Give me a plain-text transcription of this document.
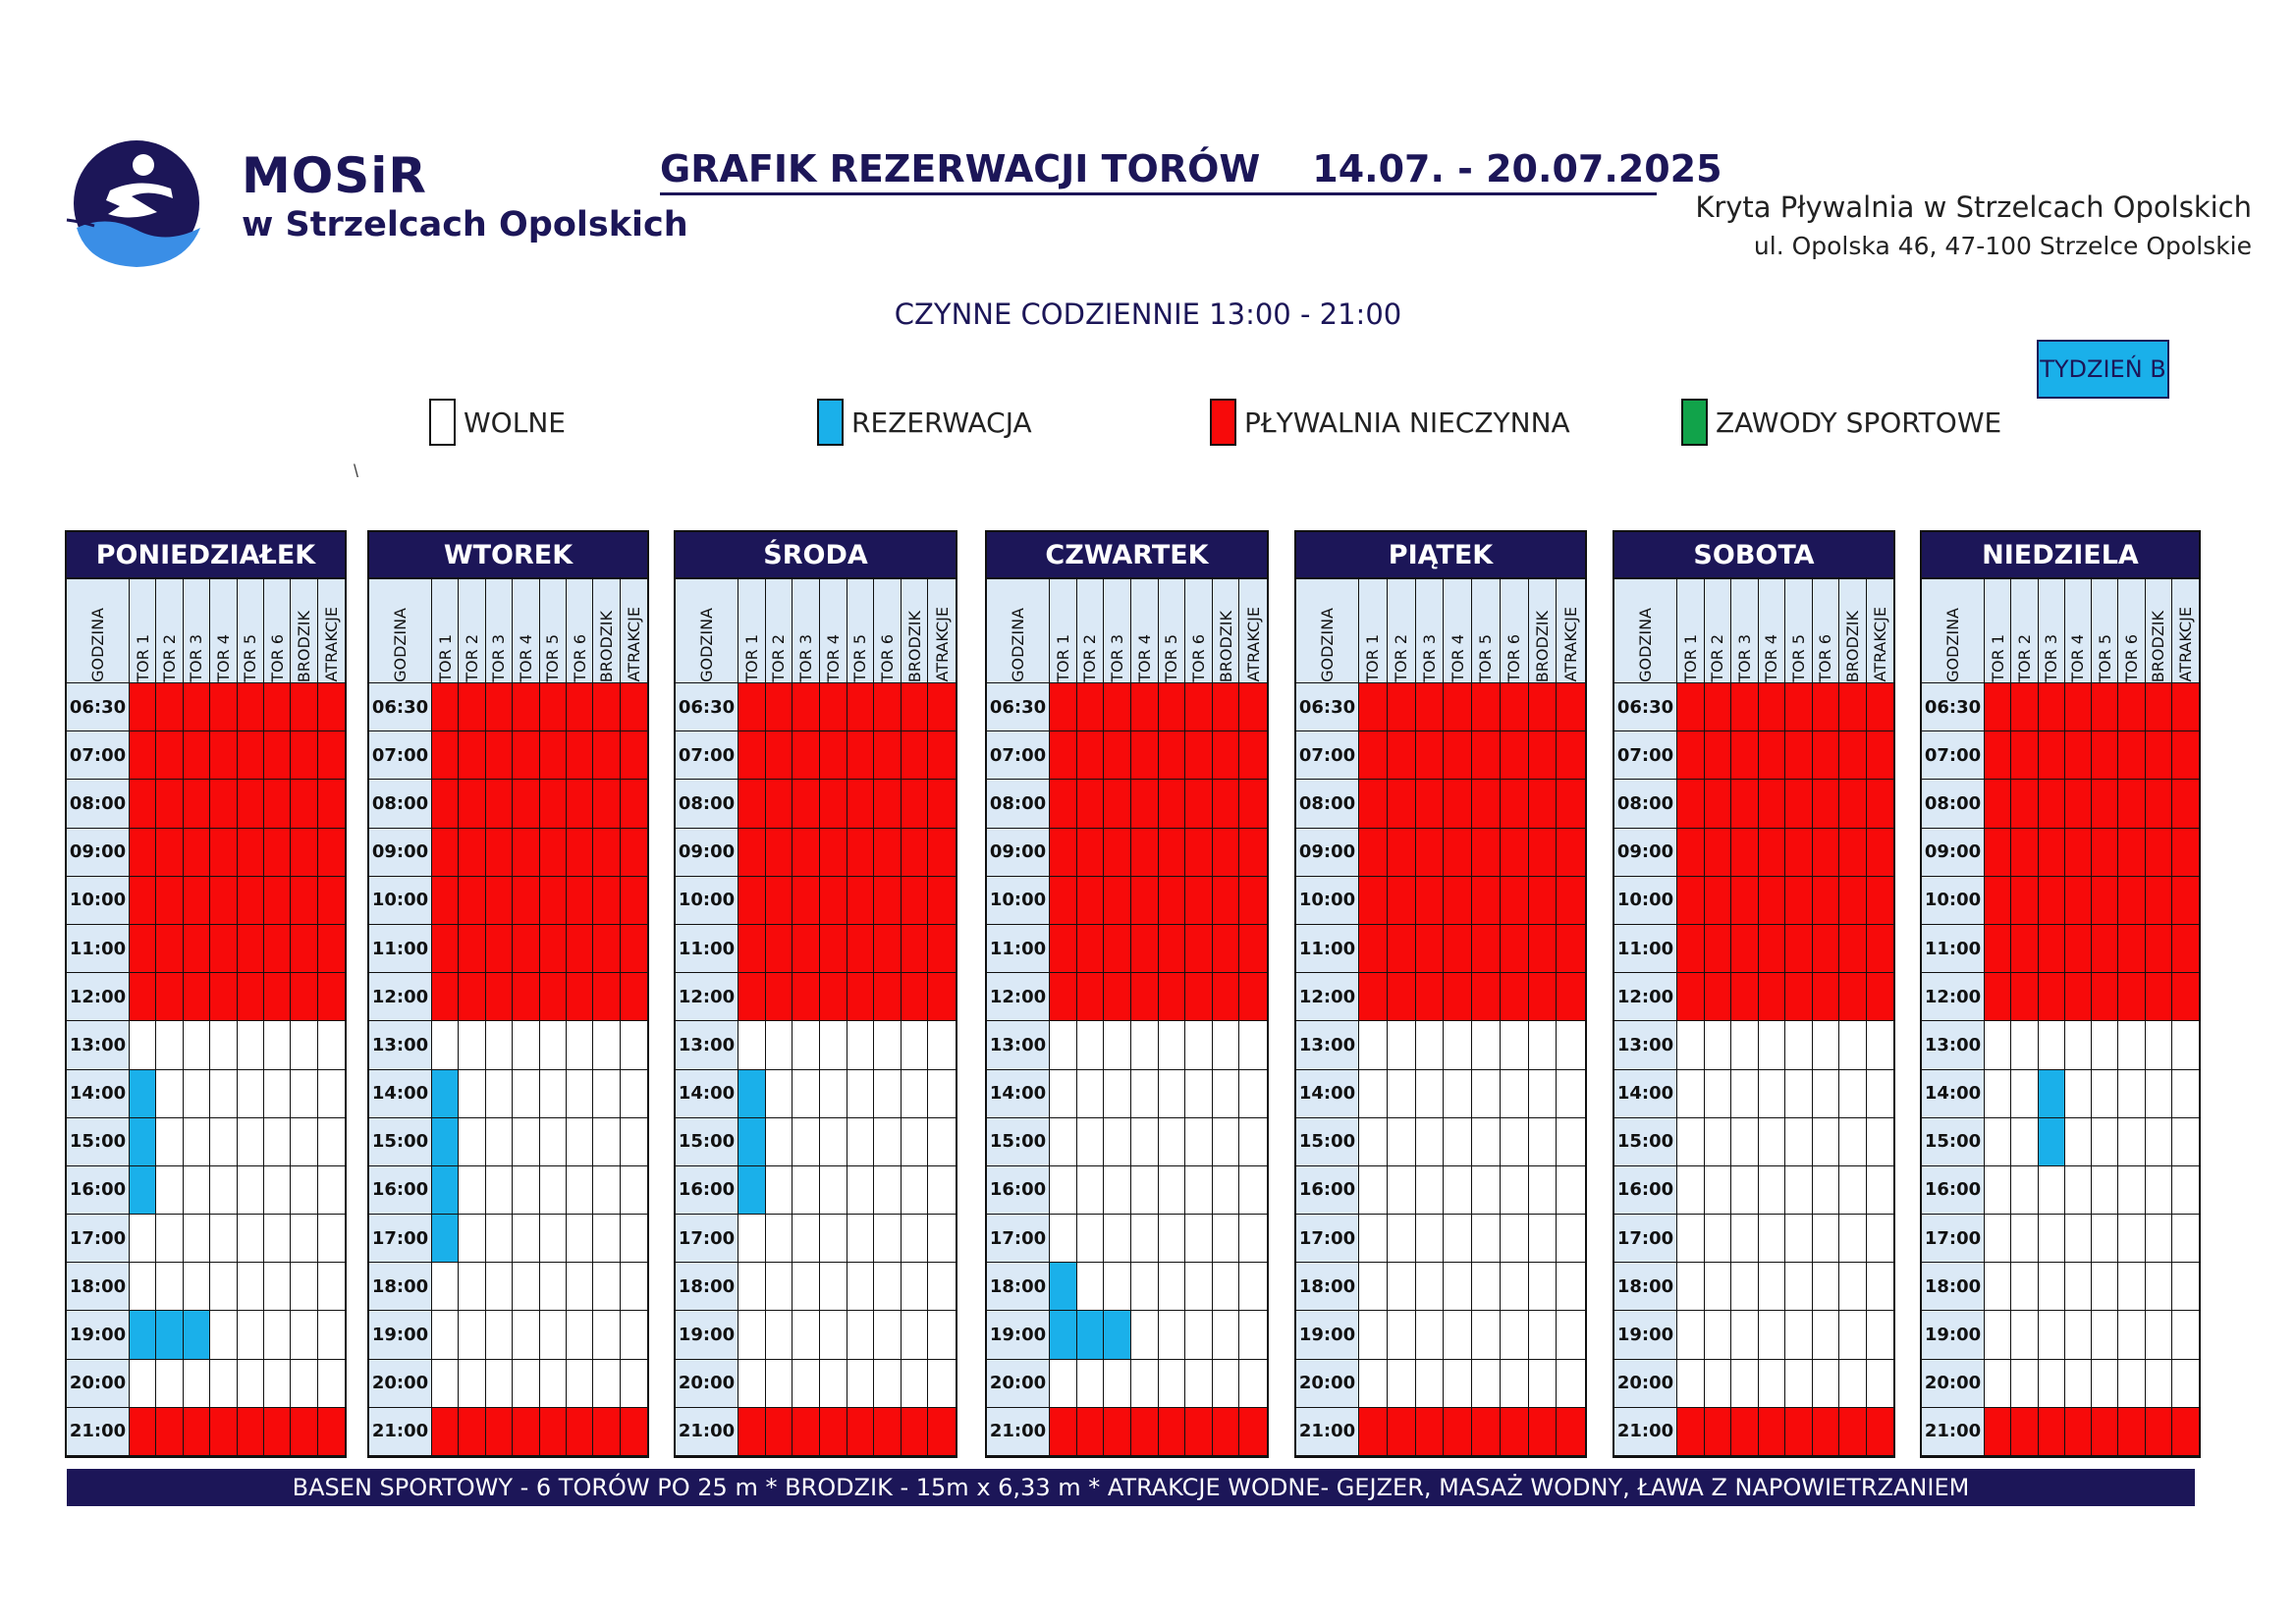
MOSiR
w Strzelcach Opolskich
GRAFIK REZERWACJI TORÓW    14.07. - 20.07.2025
Kryta Pływalnia w Strzelcach Opolskich
ul. Opolska 46, 47-100 Strzelce Opolskie
CZYNNE CODZIENNIE 13:00 - 21:00
TYDZIEŃ B
WOLNE	REZERWACJA	PŁYWALNIA NIECZYNNA	ZAWODY SPORTOWE
\
PONIEDZIAŁEK
GODZINA TOR 1 TOR 2 TOR 3 TOR 4 TOR 5 TOR 6 BRODZIK ATRAKCJE
06:30
07:00
08:00
09:00
10:00
11:00
12:00
13:00
14:00
15:00
16:00
17:00
18:00
19:00
20:00
21:00
WTOREK
GODZINA TOR 1 TOR 2 TOR 3 TOR 4 TOR 5 TOR 6 BRODZIK ATRAKCJE
06:30
07:00
08:00
09:00
10:00
11:00
12:00
13:00
14:00
15:00
16:00
17:00
18:00
19:00
20:00
21:00
ŚRODA
GODZINA TOR 1 TOR 2 TOR 3 TOR 4 TOR 5 TOR 6 BRODZIK ATRAKCJE
06:30
07:00
08:00
09:00
10:00
11:00
12:00
13:00
14:00
15:00
16:00
17:00
18:00
19:00
20:00
21:00
CZWARTEK
GODZINA TOR 1 TOR 2 TOR 3 TOR 4 TOR 5 TOR 6 BRODZIK ATRAKCJE
06:30
07:00
08:00
09:00
10:00
11:00
12:00
13:00
14:00
15:00
16:00
17:00
18:00
19:00
20:00
21:00
PIĄTEK
GODZINA TOR 1 TOR 2 TOR 3 TOR 4 TOR 5 TOR 6 BRODZIK ATRAKCJE
06:30
07:00
08:00
09:00
10:00
11:00
12:00
13:00
14:00
15:00
16:00
17:00
18:00
19:00
20:00
21:00
SOBOTA
GODZINA TOR 1 TOR 2 TOR 3 TOR 4 TOR 5 TOR 6 BRODZIK ATRAKCJE
06:30
07:00
08:00
09:00
10:00
11:00
12:00
13:00
14:00
15:00
16:00
17:00
18:00
19:00
20:00
21:00
NIEDZIELA
GODZINA TOR 1 TOR 2 TOR 3 TOR 4 TOR 5 TOR 6 BRODZIK ATRAKCJE
06:30
07:00
08:00
09:00
10:00
11:00
12:00
13:00
14:00
15:00
16:00
17:00
18:00
19:00
20:00
21:00
BASEN SPORTOWY - 6 TORÓW PO 25 m * BRODZIK - 15m x 6,33 m * ATRAKCJE WODNE- GEJZER, MASAŻ WODNY, ŁAWA Z NAPOWIETRZANIEM
